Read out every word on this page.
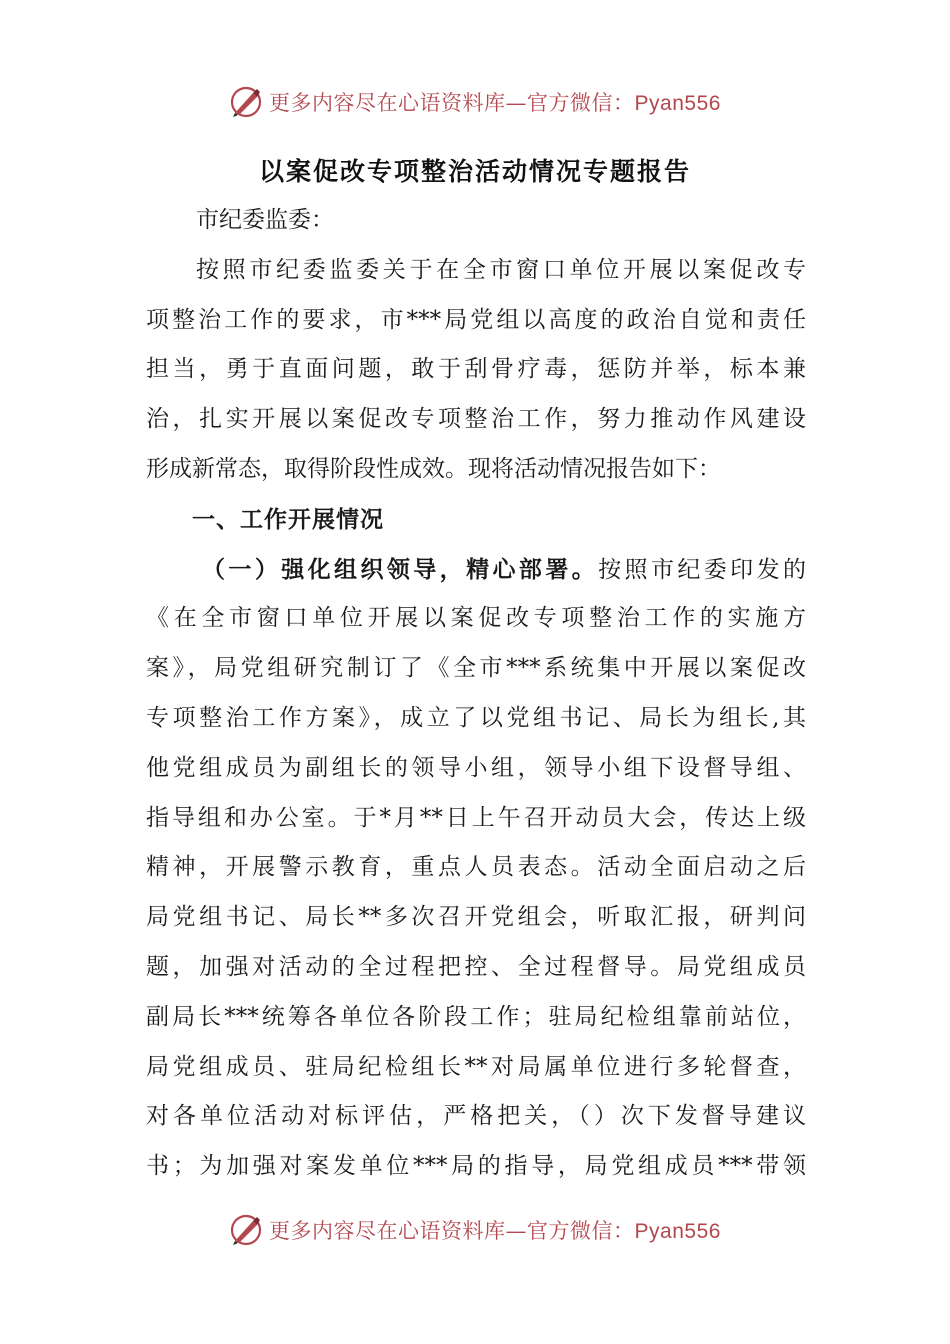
更多内容尽在心语资料库—官方微信：Pyan556
以案促改专项整治活动情况专题报告
市纪委监委：
按照市纪委监委关于在全市窗口单位开展以案促改专
项整治工作的要求，市***局党组以高度的政治自觉和责任
担当，勇于直面问题，敢于刮骨疗毒，惩防并举，标本兼
治，扎实开展以案促改专项整治工作，努力推动作风建设
形成新常态，取得阶段性成效。现将活动情况报告如下：
一、工作开展情况
（一）强化组织领导，精心部署。按照市纪委印发的
《在全市窗口单位开展以案促改专项整治工作的实施方
案》，局党组研究制订了《全市***系统集中开展以案促改
专项整治工作方案》，成立了以党组书记、局长为组长,其
他党组成员为副组长的领导小组，领导小组下设督导组、
指导组和办公室。于*月**日上午召开动员大会，传达上级
精神，开展警示教育，重点人员表态。活动全面启动之后
局党组书记、局长**多次召开党组会，听取汇报，研判问
题，加强对活动的全过程把控、全过程督导。局党组成员
副局长***统筹各单位各阶段工作；驻局纪检组靠前站位，
局党组成员、驻局纪检组长**对局属单位进行多轮督查，
对各单位活动对标评估，严格把关，（）次下发督导建议
书；为加强对案发单位***局的指导，局党组成员***带领
更多内容尽在心语资料库—官方微信：Pyan556
